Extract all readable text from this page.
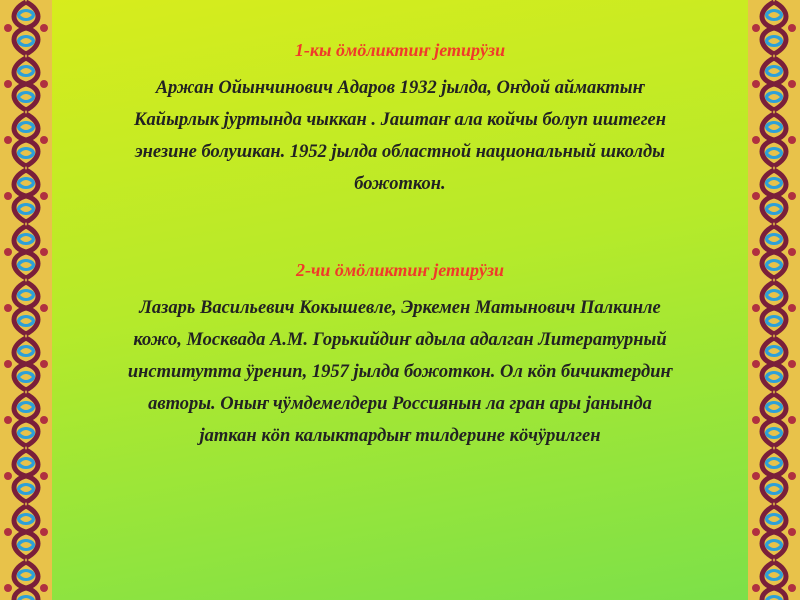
1-кы ӧмӧликтиҥ јетирӱзи

Аржан Ойынчинович Адаров 1932 јылда, Оҥдой аймактыҥ
Кайырлык јуртында чыккан . Јаштаҥ ала койчы болуп иштеген
энезине болушкан. 1952 јылда областной национальный школды
божоткон.

2-чи ӧмӧликтиҥ јетирӱзи

Лазарь Васильевич Кокышевле, Эркемен Матынович Палкинле
кожо, Москвада А.М. Горькийдиҥ адыла адалган Литературный
институтта ӱренип, 1957 јылда божоткон. Ол кӧп бичиктердиҥ
авторы. Оныҥ чӱмдемелдери Россиянын ла гран ары јанында
јаткан кӧп калыктардыҥ тилдерине кӧчӱрилген
